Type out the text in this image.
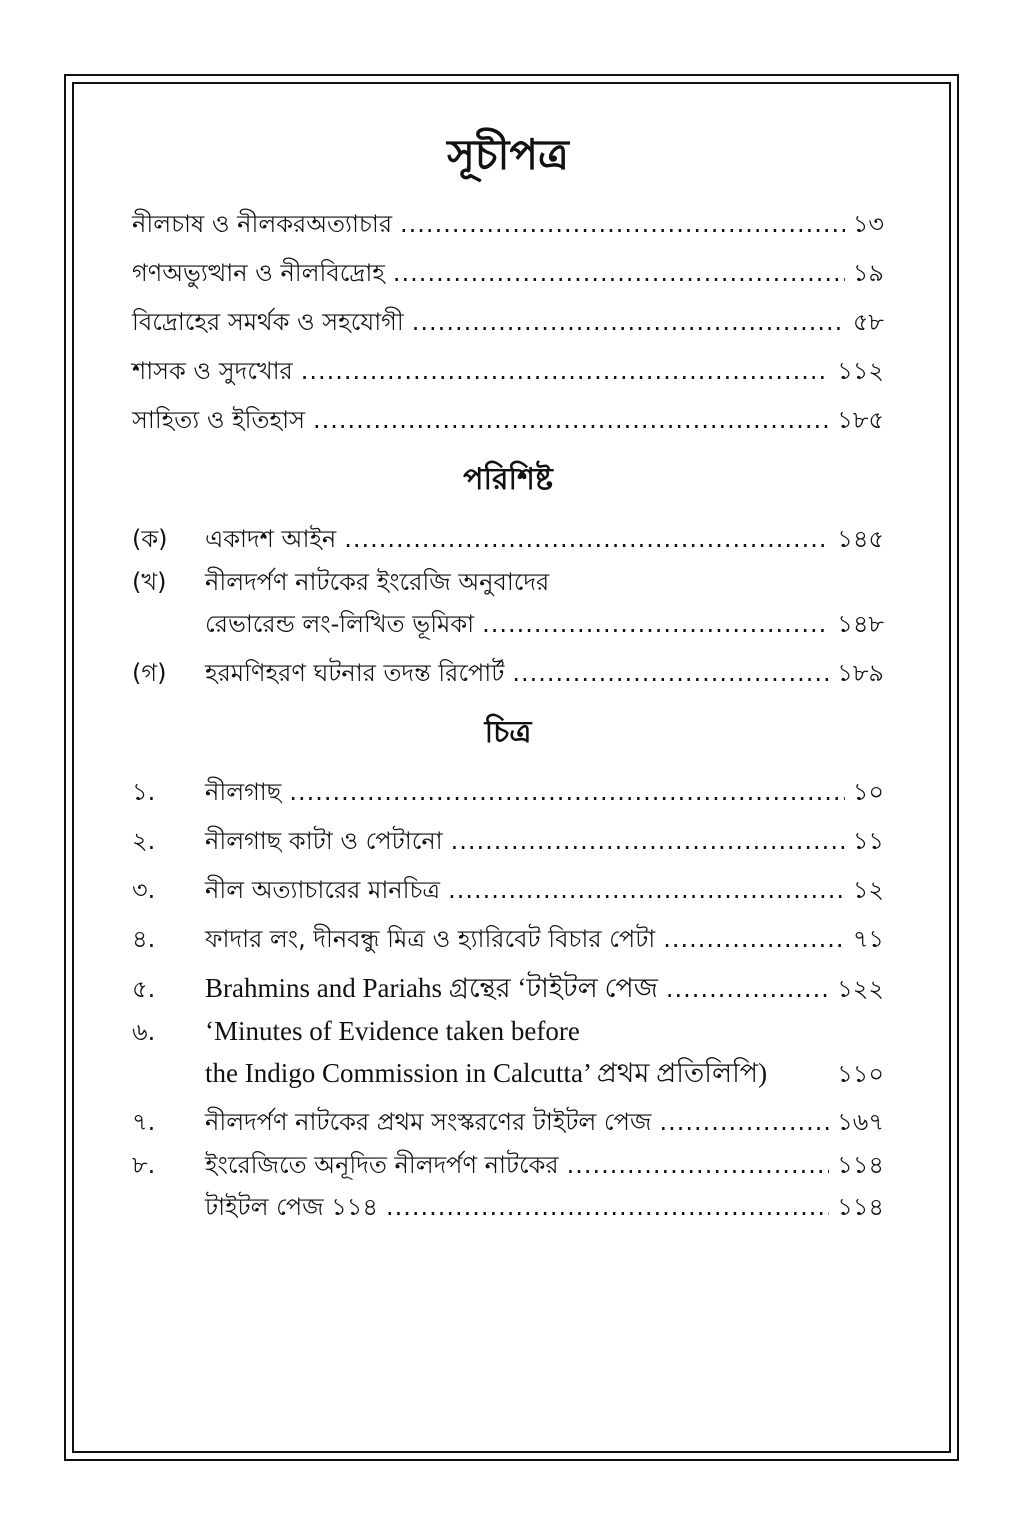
সূচীপত্র
নীলচাষ ও নীলকরঅত্যাচার .....	১৩
গণঅভ্যুত্থান ও নীলবিদ্রোহ .....	১৯
বিদ্রোহের সমর্থক ও সহযোগী .....	৫৮
শাসক ও সুদখোর .....	১১২
সাহিত্য ও ইতিহাস .....	১৮৫
পরিশিষ্ট
(ক)	একাদশ আইন .....	১৪৫
(খ)	নীলদর্পণ নাটকের ইংরেজি অনুবাদের
রেভারেন্ড লং-লিখিত ভূমিকা .....	১৪৮
(গ)	হরমণিহরণ ঘটনার তদন্ত রিপোর্ট .....	১৮৯
চিত্র
১.	নীলগাছ .....	১০
২.	নীলগাছ কাটা ও পেটানো .....	১১
৩.	নীল অত্যাচারের মানচিত্র .....	১২
৪.	ফাদার লং, দীনবন্ধু মিত্র ও হ্যারিবেট বিচার পেটা .....	৭১
৫.	Brahmins and Pariahs গ্রন্থের ‘টাইটল পেজ .....	১২২
৬.	‘Minutes of Evidence taken before
the Indigo Commission in Calcutta’ প্রথম প্রতিলিপি)	১১০
৭.	নীলদর্পণ নাটকের প্রথম সংস্করণের টাইটল পেজ .....	১৬৭
৮.	ইংরেজিতে অনূদিত নীলদর্পণ নাটকের .....	১১৪
টাইটল পেজ ১১৪ .....	১১৪
